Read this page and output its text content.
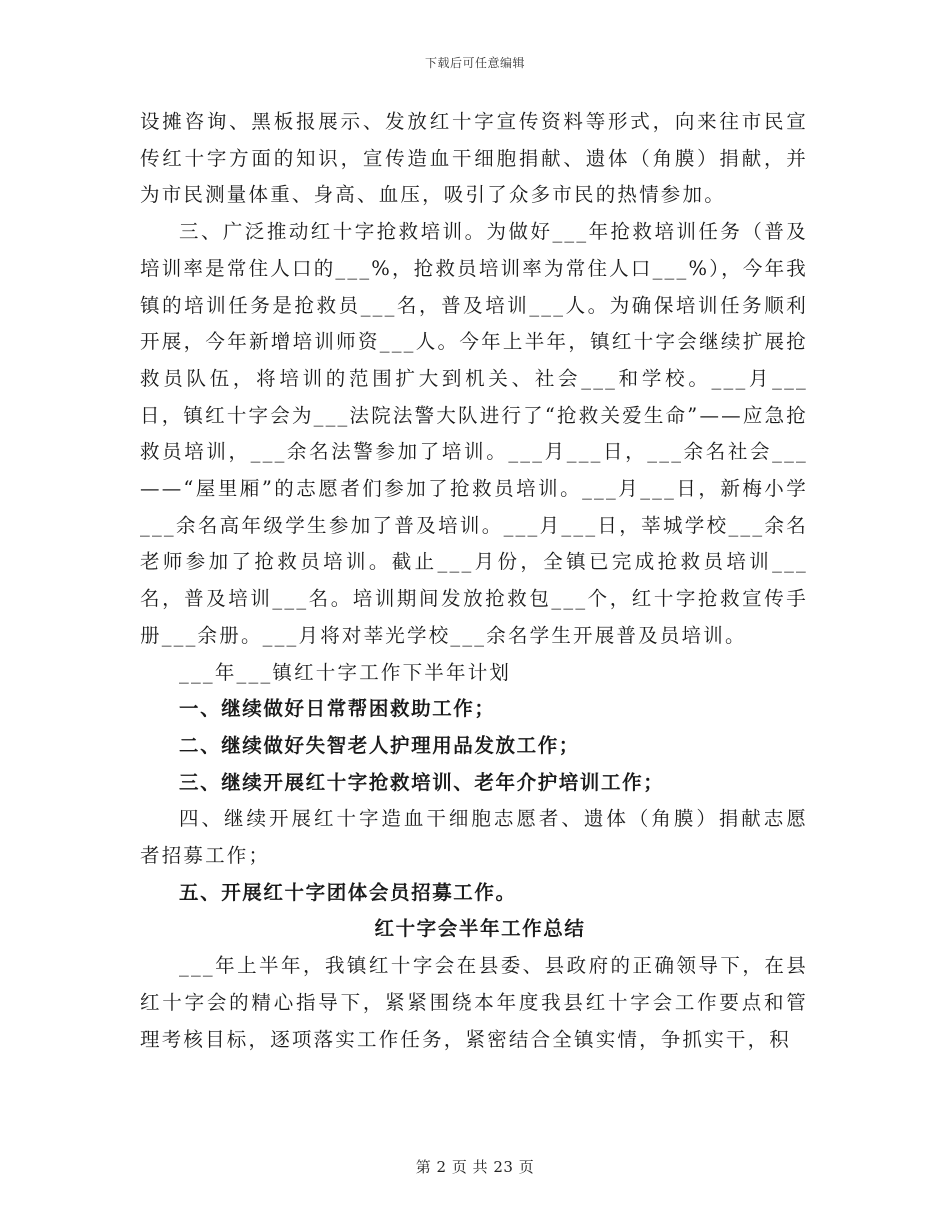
下载后可任意编辑

设摊咨询、黑板报展示、发放红十字宣传资料等形式，向来往市民宣传红十字方面的知识，宣传造血干细胞捐献、遗体（角膜）捐献，并为市民测量体重、身高、血压，吸引了众多市民的热情参加。

三、广泛推动红十字抢救培训。为做好___年抢救培训任务（普及培训率是常住人口的___%，抢救员培训率为常住人口___%），今年我镇的培训任务是抢救员___名，普及培训___人。为确保培训任务顺利开展，今年新增培训师资___人。今年上半年，镇红十字会继续扩展抢救员队伍，将培训的范围扩大到机关、社会___和学校。___月___日，镇红十字会为___法院法警大队进行了“抢救关爱生命”——应急抢救员培训，___余名法警参加了培训。___月___日，___余名社会___——“屋里厢”的志愿者们参加了抢救员培训。___月___日，新梅小学___余名高年级学生参加了普及培训。___月___日，莘城学校___余名老师参加了抢救员培训。截止___月份，全镇已完成抢救员培训___名，普及培训___名。培训期间发放抢救包___个，红十字抢救宣传手册___余册。___月将对莘光学校___余名学生开展普及员培训。

___年___镇红十字工作下半年计划

一、继续做好日常帮困救助工作；

二、继续做好失智老人护理用品发放工作；

三、继续开展红十字抢救培训、老年介护培训工作；

四、继续开展红十字造血干细胞志愿者、遗体（角膜）捐献志愿者招募工作；

五、开展红十字团体会员招募工作。

红十字会半年工作总结

___年上半年，我镇红十字会在县委、县政府的正确领导下，在县红十字会的精心指导下，紧紧围绕本年度我县红十字会工作要点和管理考核目标，逐项落实工作任务，紧密结合全镇实情，争抓实干，积

第 2 页 共 23 页
